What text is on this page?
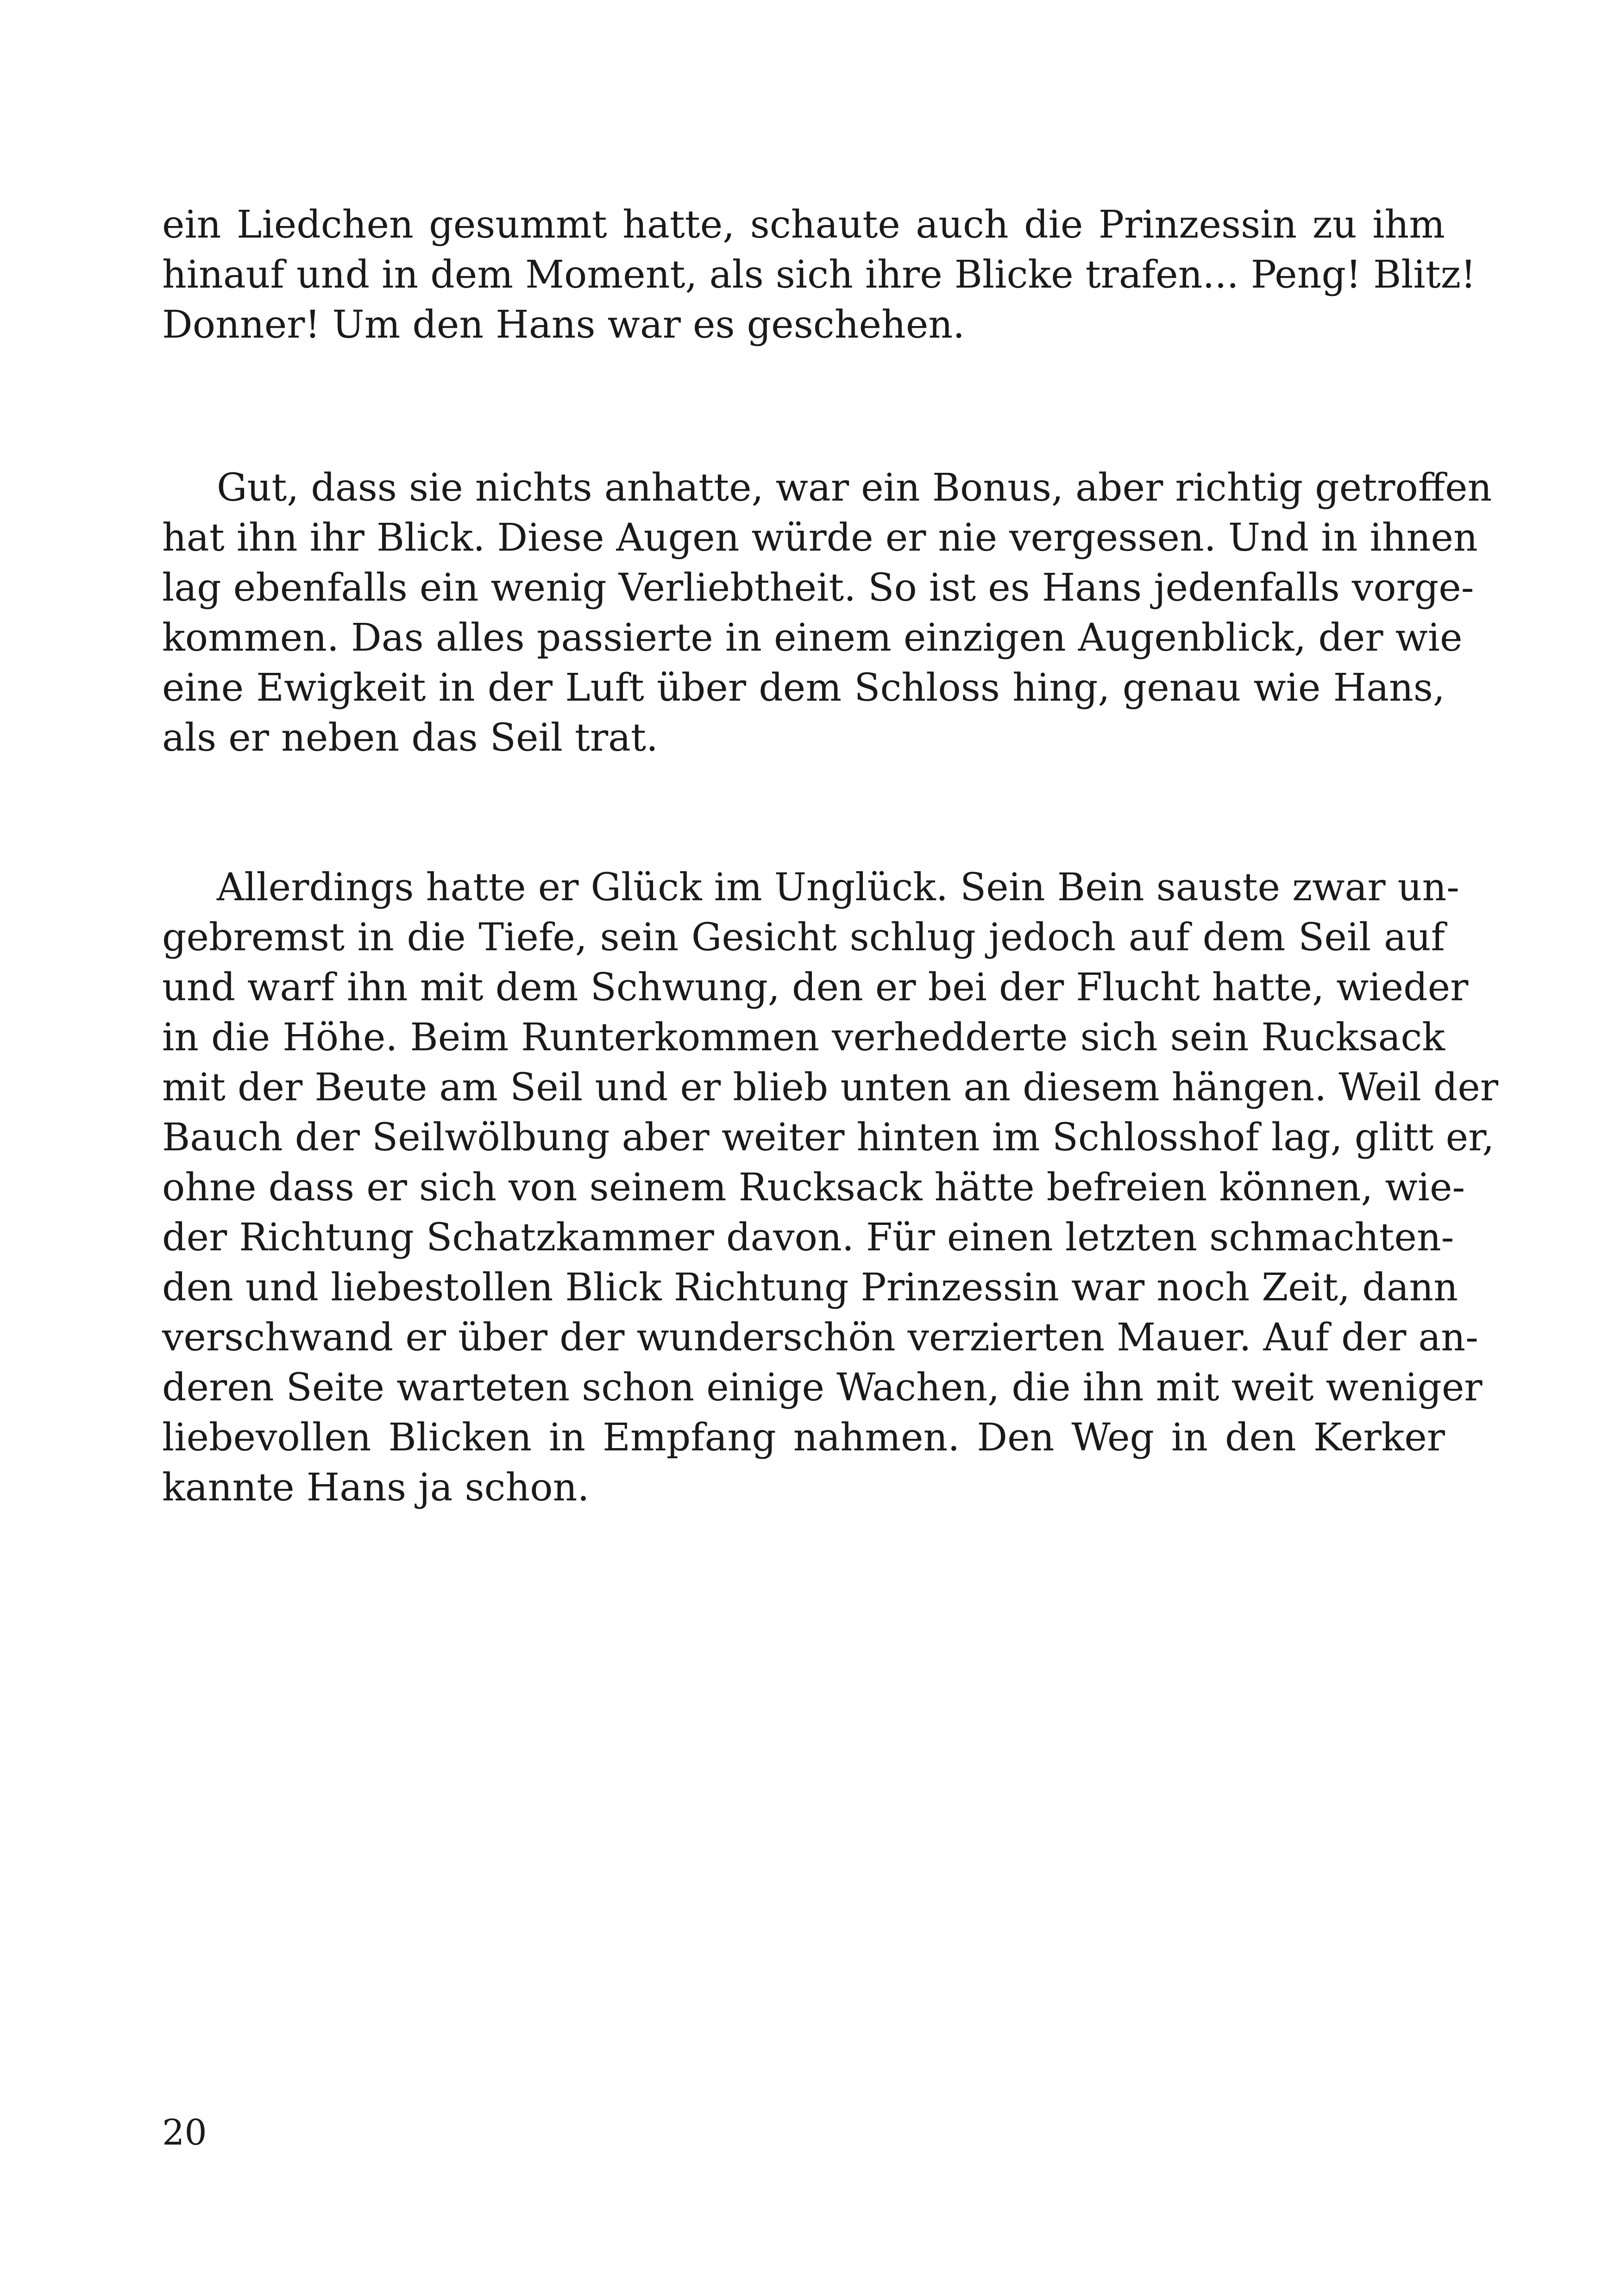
ein Liedchen gesummt hatte, schaute auch die Prinzessin zu ihm
hinauf und in dem Moment, als sich ihre Blicke trafen... Peng! Blitz!
Donner! Um den Hans war es geschehen.
Gut, dass sie nichts anhatte, war ein Bonus, aber richtig getroffen
hat ihn ihr Blick. Diese Augen würde er nie vergessen. Und in ihnen
lag ebenfalls ein wenig Verliebtheit. So ist es Hans jedenfalls vorge-
kommen. Das alles passierte in einem einzigen Augenblick, der wie
eine Ewigkeit in der Luft über dem Schloss hing, genau wie Hans,
als er neben das Seil trat.
Allerdings hatte er Glück im Unglück. Sein Bein sauste zwar un-
gebremst in die Tiefe, sein Gesicht schlug jedoch auf dem Seil auf
und warf ihn mit dem Schwung, den er bei der Flucht hatte, wieder
in die Höhe. Beim Runterkommen verhedderte sich sein Rucksack
mit der Beute am Seil und er blieb unten an diesem hängen. Weil der
Bauch der Seilwölbung aber weiter hinten im Schlosshof lag, glitt er,
ohne dass er sich von seinem Rucksack hätte befreien können, wie-
der Richtung Schatzkammer davon. Für einen letzten schmachten-
den und liebestollen Blick Richtung Prinzessin war noch Zeit, dann
verschwand er über der wunderschön verzierten Mauer. Auf der an-
deren Seite warteten schon einige Wachen, die ihn mit weit weniger
liebevollen Blicken in Empfang nahmen. Den Weg in den Kerker
kannte Hans ja schon.
20
